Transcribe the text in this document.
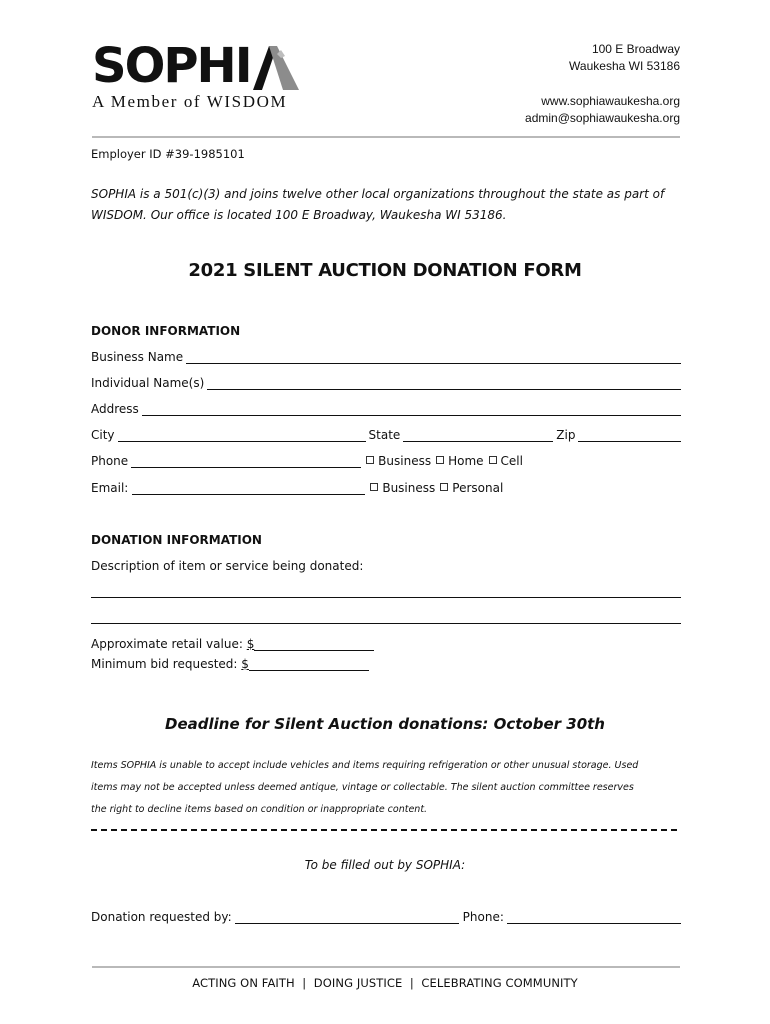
SOPHI
A Member of WISDOM
100 E Broadway
Waukesha WI 53186
www.sophiawaukesha.org
admin@sophiawaukesha.org
Employer ID #39-1985101
SOPHIA is a 501(c)(3) and joins twelve other local organizations throughout the state as part of
WISDOM. Our office is located 100 E Broadway, Waukesha WI 53186.
2021 SILENT AUCTION DONATION FORM
DONOR INFORMATION
Business Name
Individual Name(s)
Address
City	State	Zip
Phone	Business Home Cell
Email:	Business Personal
DONATION INFORMATION
Description of item or service being donated:
Approximate retail value: $
Minimum bid requested: $
Deadline for Silent Auction donations: October 30th
Items SOPHIA is unable to accept include vehicles and items requiring refrigeration or other unusual storage. Used
items may not be accepted unless deemed antique, vintage or collectable. The silent auction committee reserves
the right to decline items based on condition or inappropriate content.
To be filled out by SOPHIA:
Donation requested by:	Phone:
ACTING ON FAITH  |  DOING JUSTICE  |  CELEBRATING COMMUNITY
